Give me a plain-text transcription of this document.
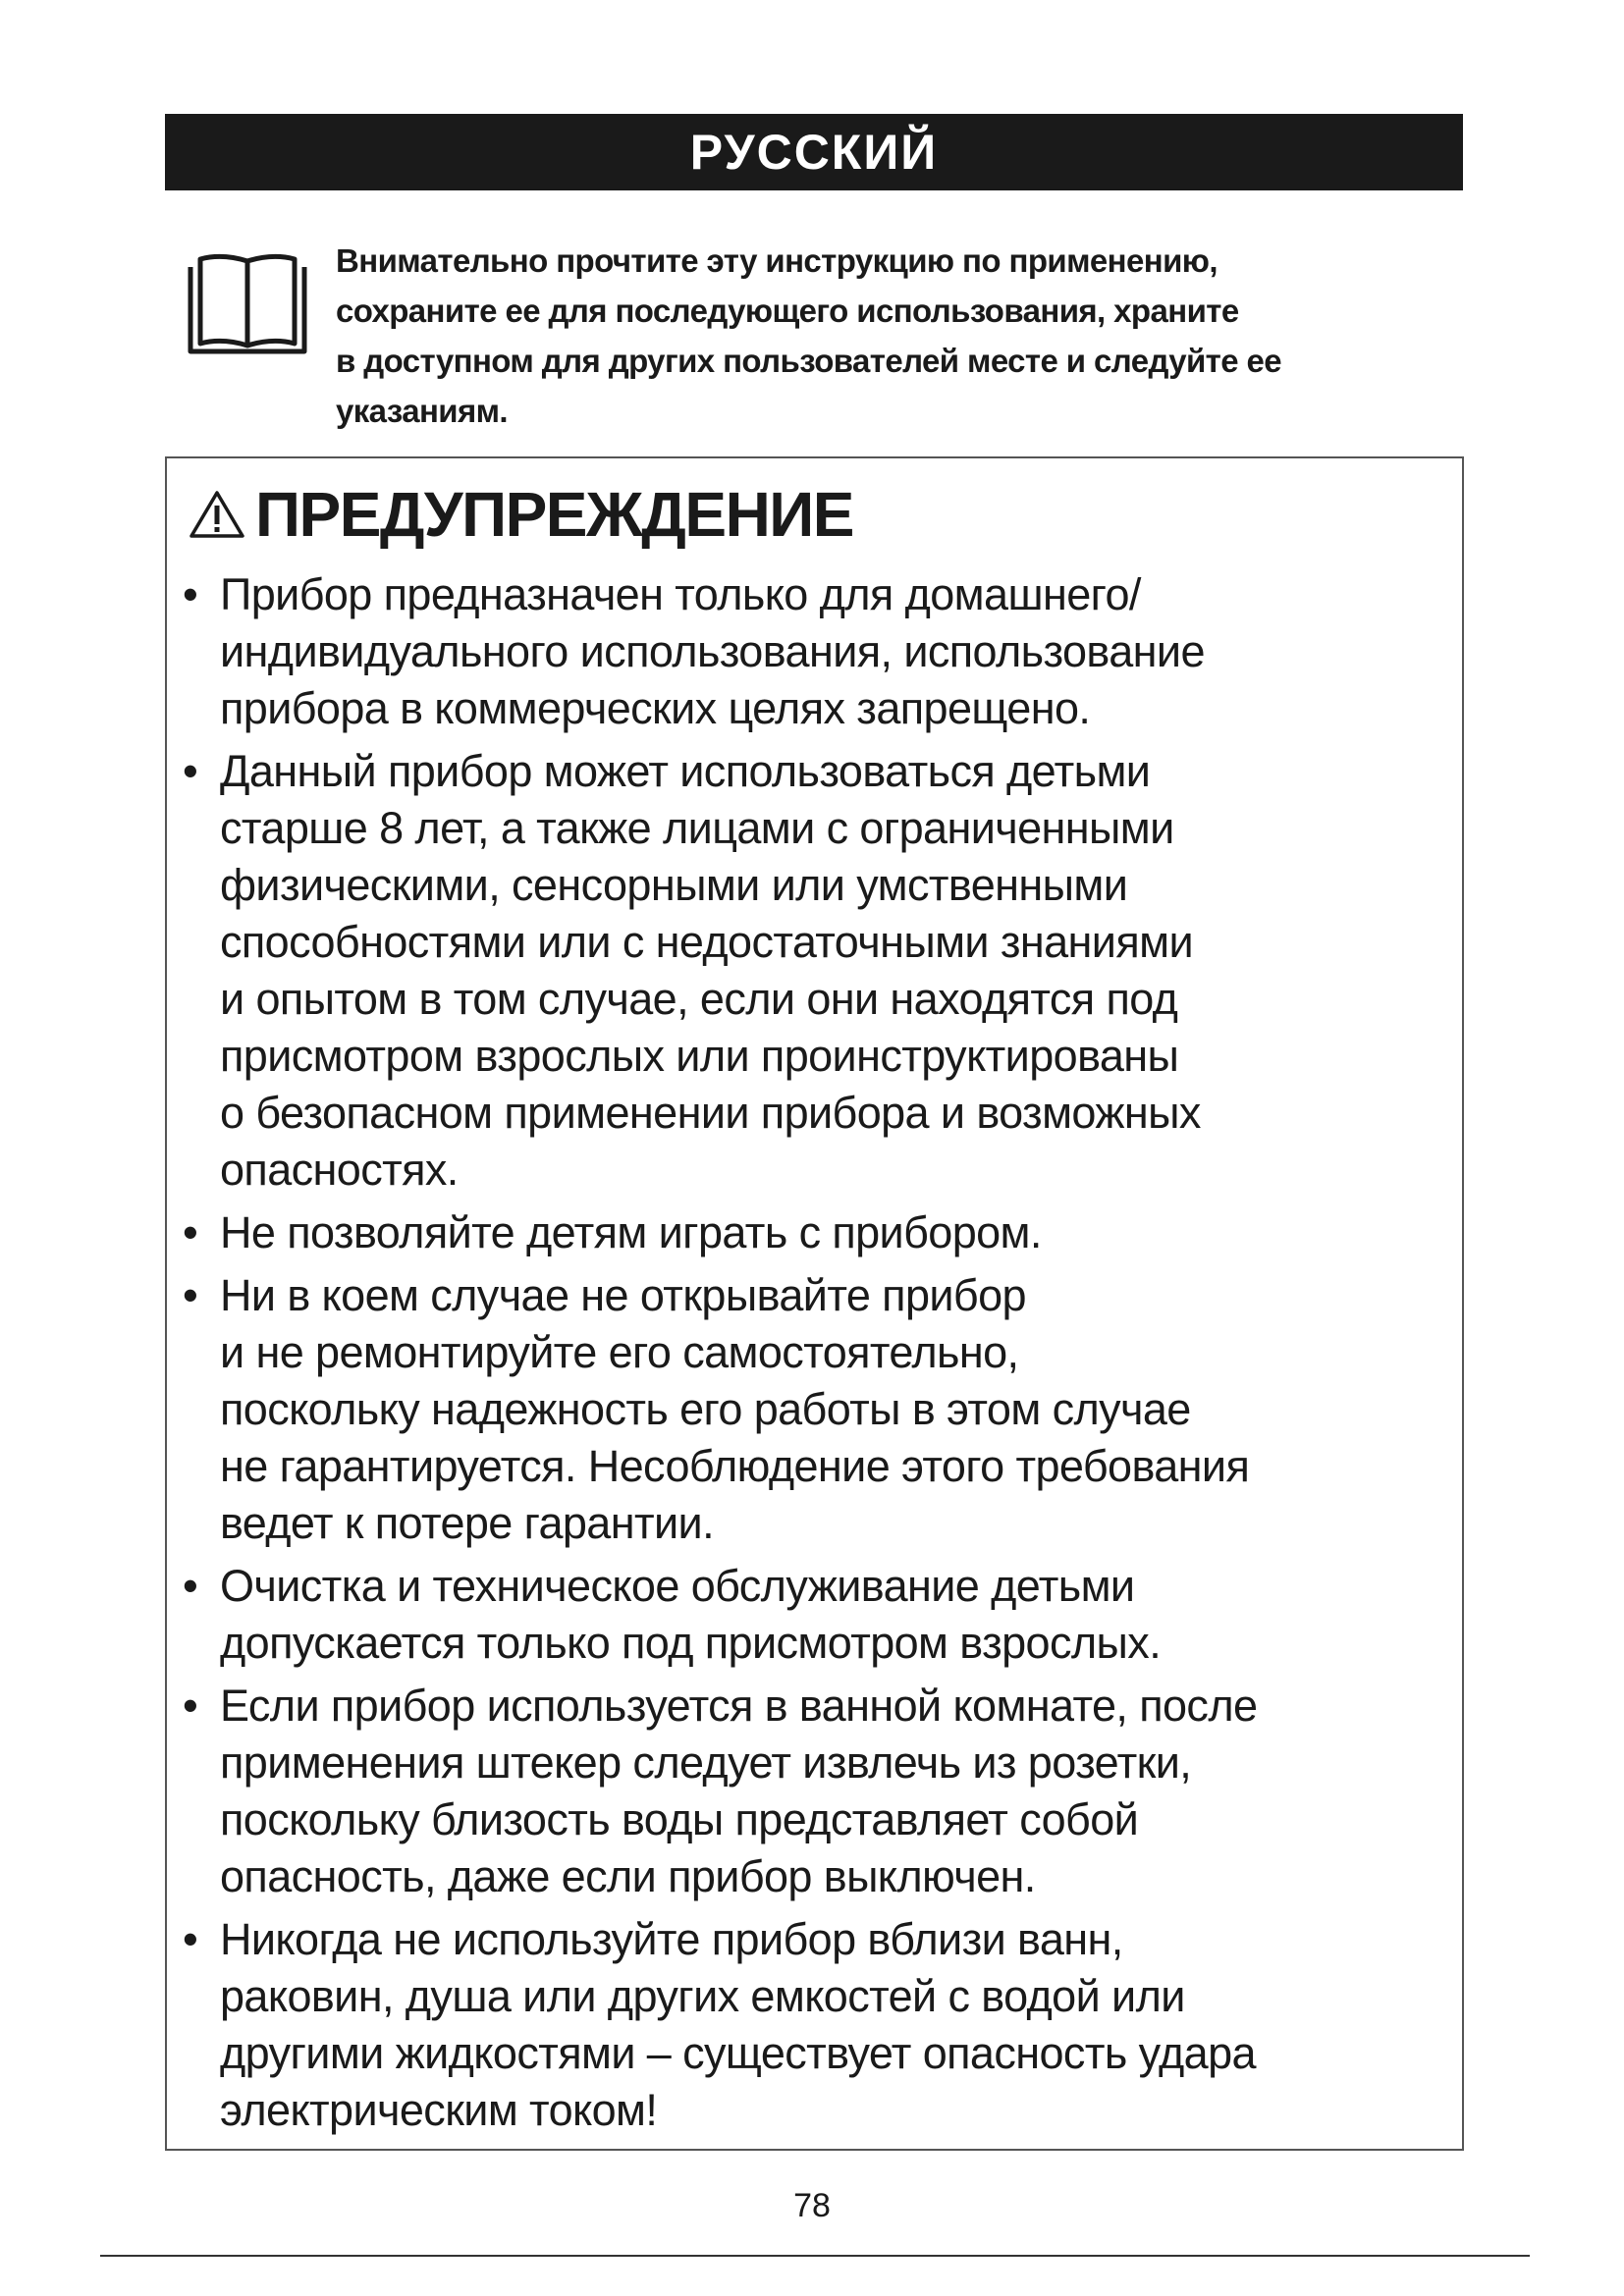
РУССКИЙ
Внимательно прочтите эту инструкцию по применению,
сохраните ее для последующего использования, храните
в доступном для других пользователей месте и следуйте ее
указаниям.
ПРЕДУПРЕЖДЕНИЕ
• Прибор предназначен только для домашнего/
индивидуального использования, использование
прибора в коммерческих целях запрещено.
• Данный прибор может использоваться детьми
старше 8 лет, а также лицами с ограниченными
физическими, сенсорными или умственными
способностями или с недостаточными знаниями
и опытом в том случае, если они находятся под
присмотром взрослых или проинструктированы
о безопасном применении прибора и возможных
опасностях.
• Не позволяйте детям играть с прибором.
• Ни в коем случае не открывайте прибор
и не ремонтируйте его самостоятельно,
поскольку надежность его работы в этом случае
не гарантируется. Несоблюдение этого требования
ведет к потере гарантии.
• Очистка и техническое обслуживание детьми
допускается только под присмотром взрослых.
• Если прибор используется в ванной комнате, после
применения штекер следует извлечь из розетки,
поскольку близость воды представляет собой
опасность, даже если прибор выключен.
• Никогда не используйте прибор вблизи ванн,
раковин, душа или других емкостей с водой или
другими жидкостями – существует опасность удара
электрическим током!
78
